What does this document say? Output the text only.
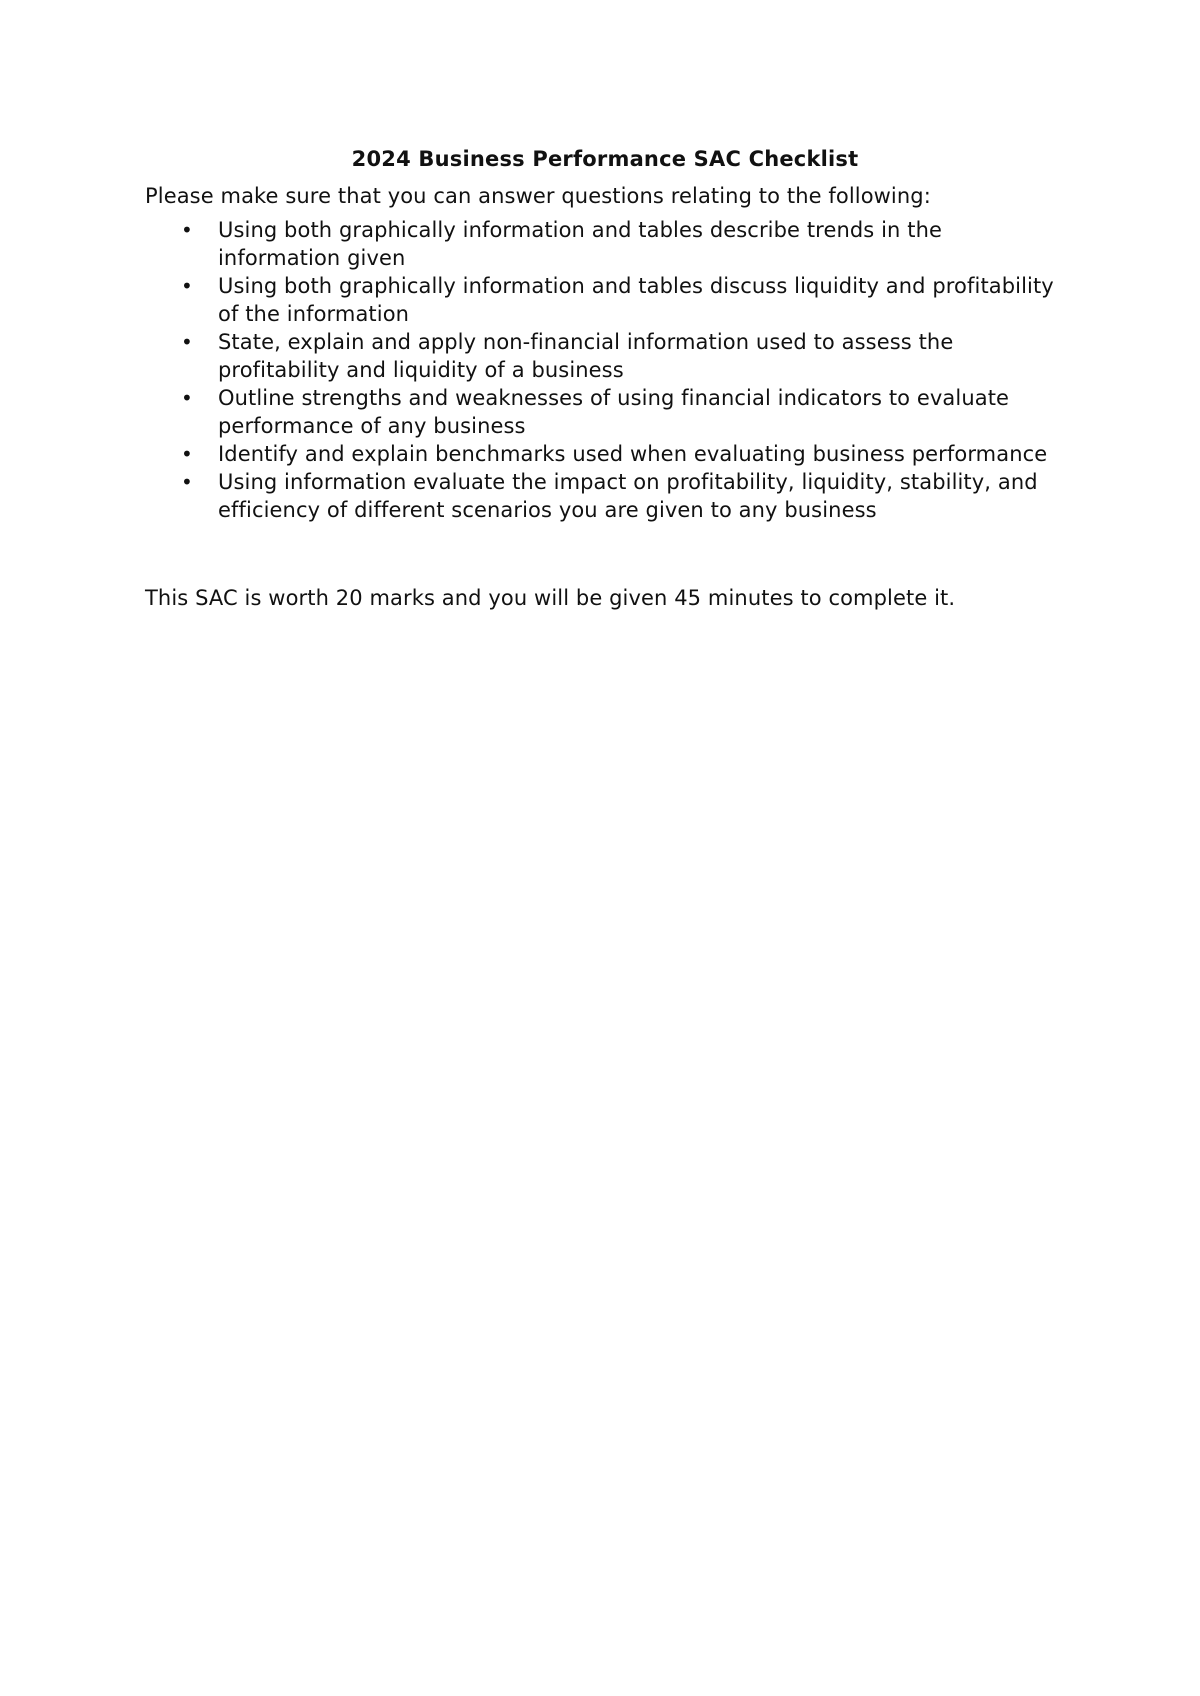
2024 Business Performance SAC Checklist

Please make sure that you can answer questions relating to the following:

• Using both graphically information and tables describe trends in the information given
• Using both graphically information and tables discuss liquidity and profitability of the information
• State, explain and apply non-financial information used to assess the profitability and liquidity of a business
• Outline strengths and weaknesses of using financial indicators to evaluate performance of any business
• Identify and explain benchmarks used when evaluating business performance
• Using information evaluate the impact on profitability, liquidity, stability, and efficiency of different scenarios you are given to any business

This SAC is worth 20 marks and you will be given 45 minutes to complete it.
